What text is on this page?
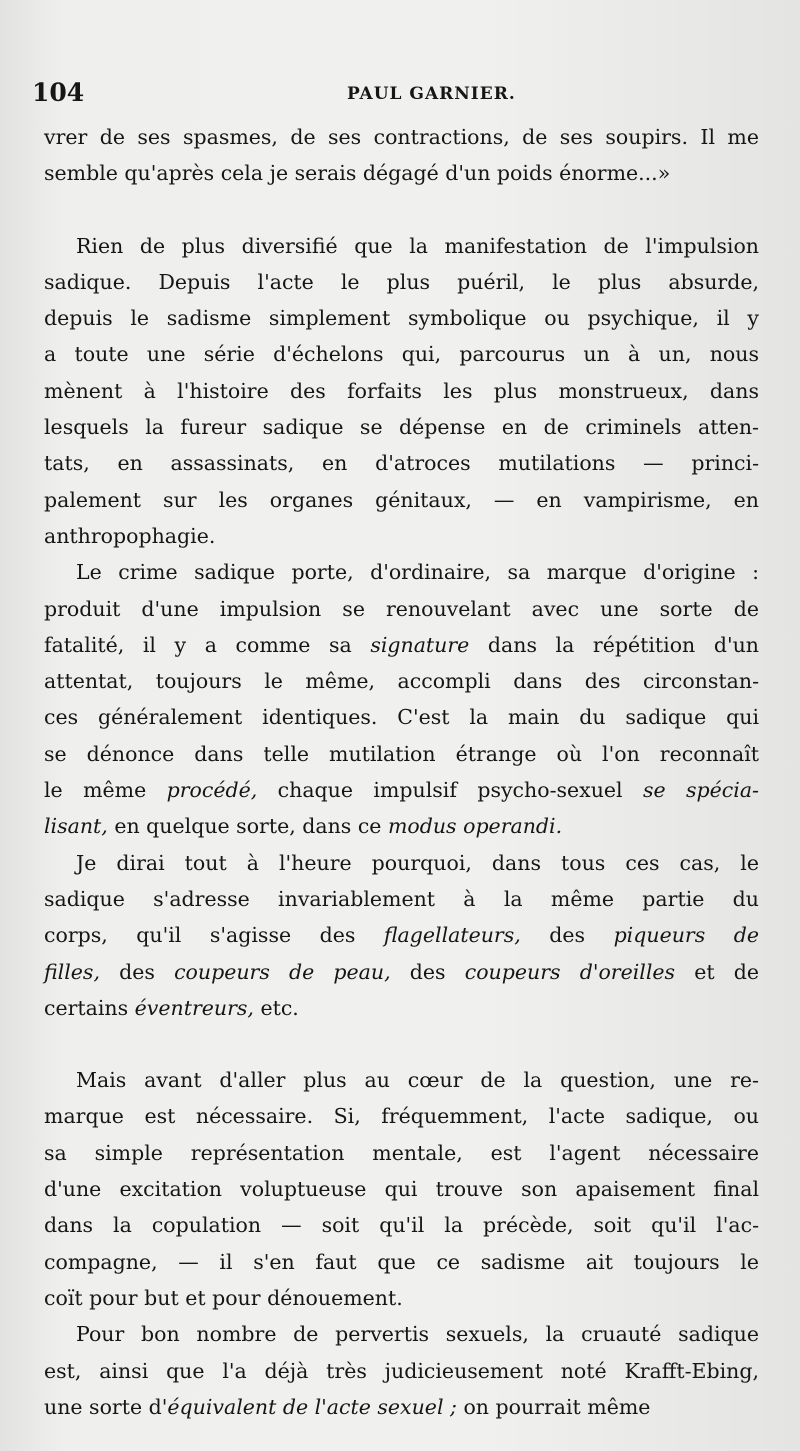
104	PAUL GARNIER.
vrer de ses spasmes, de ses contractions, de ses soupirs. Il me
semble qu'après cela je serais dégagé d'un poids énorme...»
Rien de plus diversifié que la manifestation de l'impulsion
sadique. Depuis l'acte le plus puéril, le plus absurde,
depuis le sadisme simplement symbolique ou psychique, il y
a toute une série d'échelons qui, parcourus un à un, nous
mènent à l'histoire des forfaits les plus monstrueux, dans
lesquels la fureur sadique se dépense en de criminels atten-
tats, en assassinats, en d'atroces mutilations — princi-
palement sur les organes génitaux, — en vampirisme, en
anthropophagie.
Le crime sadique porte, d'ordinaire, sa marque d'origine :
produit d'une impulsion se renouvelant avec une sorte de
fatalité, il y a comme sa signature dans la répétition d'un
attentat, toujours le même, accompli dans des circonstan-
ces généralement identiques. C'est la main du sadique qui
se dénonce dans telle mutilation étrange où l'on reconnaît
le même procédé, chaque impulsif psycho-sexuel se spécia-
lisant, en quelque sorte, dans ce modus operandi.
Je dirai tout à l'heure pourquoi, dans tous ces cas, le
sadique s'adresse invariablement à la même partie du
corps, qu'il s'agisse des flagellateurs, des piqueurs de
filles, des coupeurs de peau, des coupeurs d'oreilles et de
certains éventreurs, etc.
Mais avant d'aller plus au cœur de la question, une re-
marque est nécessaire. Si, fréquemment, l'acte sadique, ou
sa simple représentation mentale, est l'agent nécessaire
d'une excitation voluptueuse qui trouve son apaisement final
dans la copulation — soit qu'il la précède, soit qu'il l'ac-
compagne, — il s'en faut que ce sadisme ait toujours le
coït pour but et pour dénouement.
Pour bon nombre de pervertis sexuels, la cruauté sadique
est, ainsi que l'a déjà très judicieusement noté Krafft-Ebing,
une sorte d'équivalent de l'acte sexuel ; on pourrait même
